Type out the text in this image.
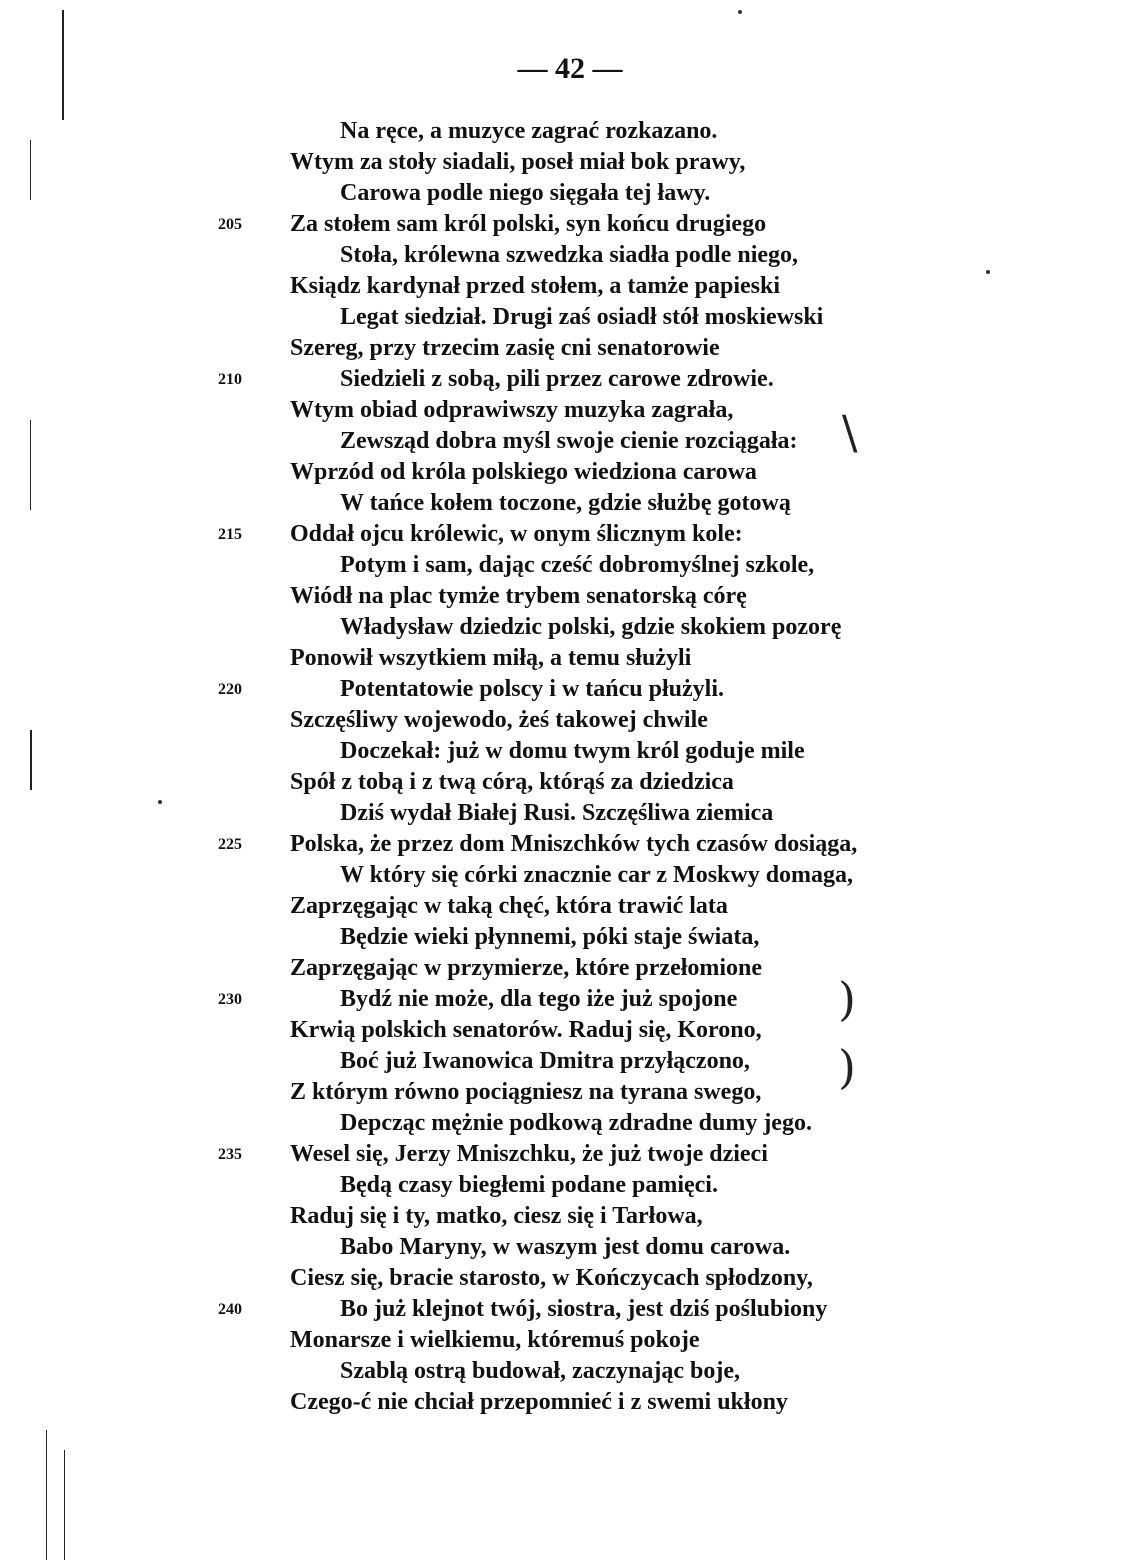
— 42 —
Na ręce, a muzyce zagrać rozkazano.
Wtym za stoły siadali, poseł miał bok prawy,
Carowa podle niego sięgała tej ławy.
205	Za stołem sam król polski, syn końcu drugiego
Stoła, królewna szwedzka siadła podle niego,
Ksiądz kardynał przed stołem, a tamże papieski
Legat siedział. Drugi zaś osiadł stół moskiewski
Szereg, przy trzecim zasię cni senatorowie
210	Siedzieli z sobą, pili przez carowe zdrowie.
Wtym obiad odprawiwszy muzyka zagrała,
Zewsząd dobra myśl swoje cienie rozciągała:
Wprzód od króla polskiego wiedziona carowa
W tańce kołem toczone, gdzie służbę gotową
215	Oddał ojcu królewic, w onym ślicznym kole:
Potym i sam, dając cześć dobromyślnej szkole,
Wiódł na plac tymże trybem senatorską córę
Władysław dziedzic polski, gdzie skokiem pozorę
Ponowił wszytkiem miłą, a temu służyli
220	Potentatowie polscy i w tańcu płużyli.
Szczęśliwy wojewodo, żeś takowej chwile
Doczekał: już w domu twym król goduje mile
Spół z tobą i z twą córą, którąś za dziedzica
Dziś wydał Białej Rusi. Szczęśliwa ziemica
225	Polska, że przez dom Mniszchków tych czasów dosiąga,
W który się córki znacznie car z Moskwy domaga,
Zaprzęgając w taką chęć, która trawić lata
Będzie wieki płynnemi, póki staje świata,
Zaprzęgając w przymierze, które przełomione
230	Bydź nie może, dla tego iże już spojone
Krwią polskich senatorów. Raduj się, Korono,
Boć już Iwanowica Dmitra przyłączono,
Z którym równo pociągniesz na tyrana swego,
Depcząc mężnie podkową zdradne dumy jego.
235	Wesel się, Jerzy Mniszchku, że już twoje dzieci
Będą czasy biegłemi podane pamięci.
Raduj się i ty, matko, ciesz się i Tarłowa,
Babo Maryny, w waszym jest domu carowa.
Ciesz się, bracie starosto, w Kończycach spłodzony,
240	Bo już klejnot twój, siostra, jest dziś poślubiony
Monarsze i wielkiemu, któremuś pokoje
Szablą ostrą budował, zaczynając boje,
Czego-ć nie chciał przepomnieć i z swemi ukłony
\
)
)
